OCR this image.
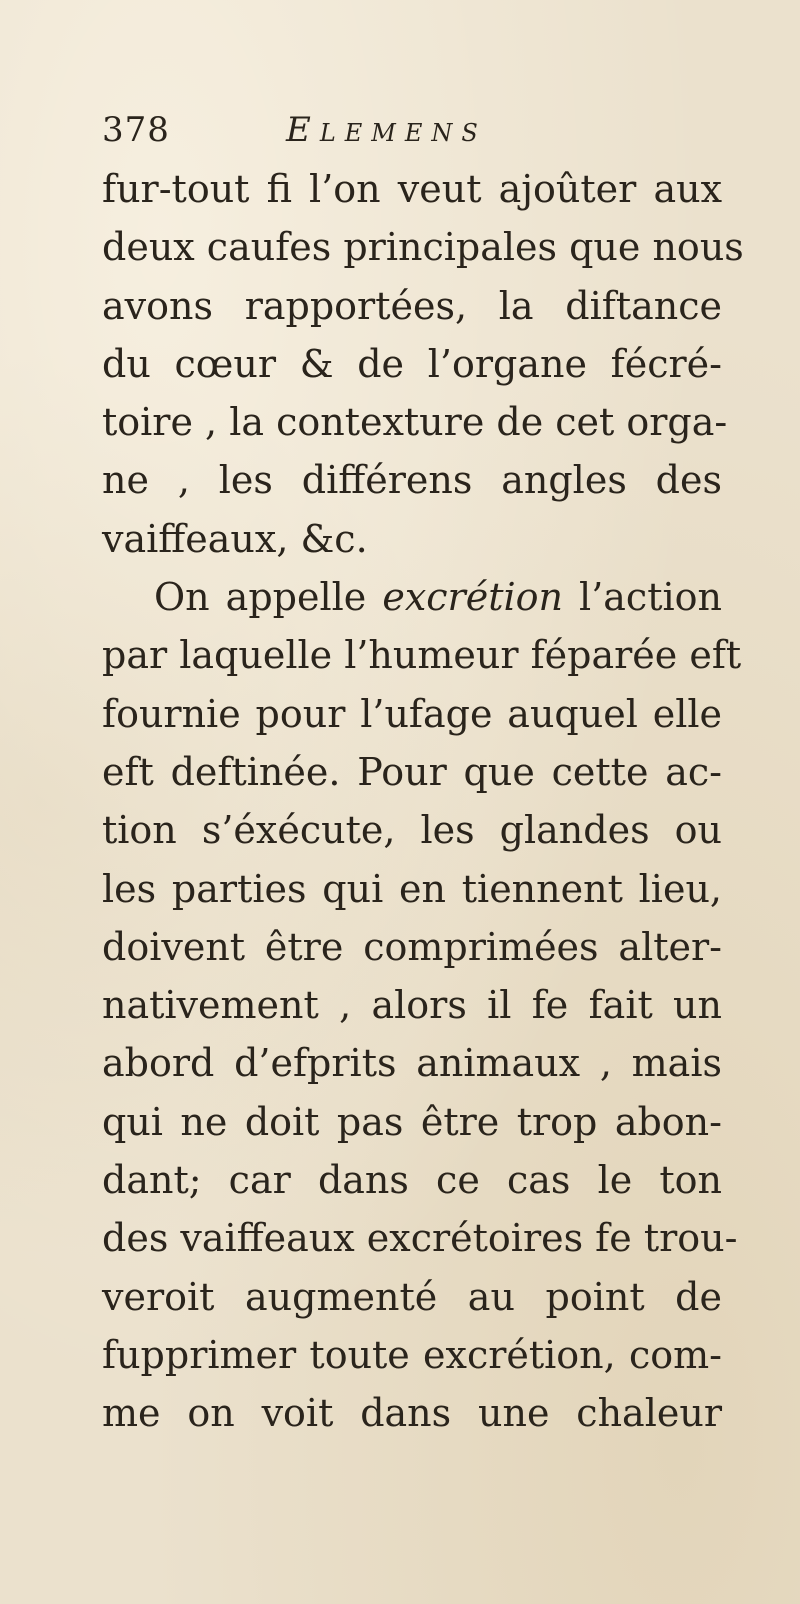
378	Elemens
fur-tout fi l’on veut ajoûter aux
deux caufes principales que nous
avons rapportées, la diftance
du cœur & de l’organe fécré-
toire , la contexture de cet orga-
ne , les différens angles des
vaiffeaux, &c.
On appelle excrétion l’action
par laquelle l’humeur féparée eft
fournie pour l’ufage auquel elle
eft deftinée. Pour que cette ac-
tion s’éxécute, les glandes ou
les parties qui en tiennent lieu,
doivent être comprimées alter-
nativement , alors il fe fait un
abord d’efprits animaux , mais
qui ne doit pas être trop abon-
dant; car dans ce cas le ton
des vaiffeaux excrétoires fe trou-
veroit augmenté au point de
fupprimer toute excrétion, com-
me on voit dans une chaleur
